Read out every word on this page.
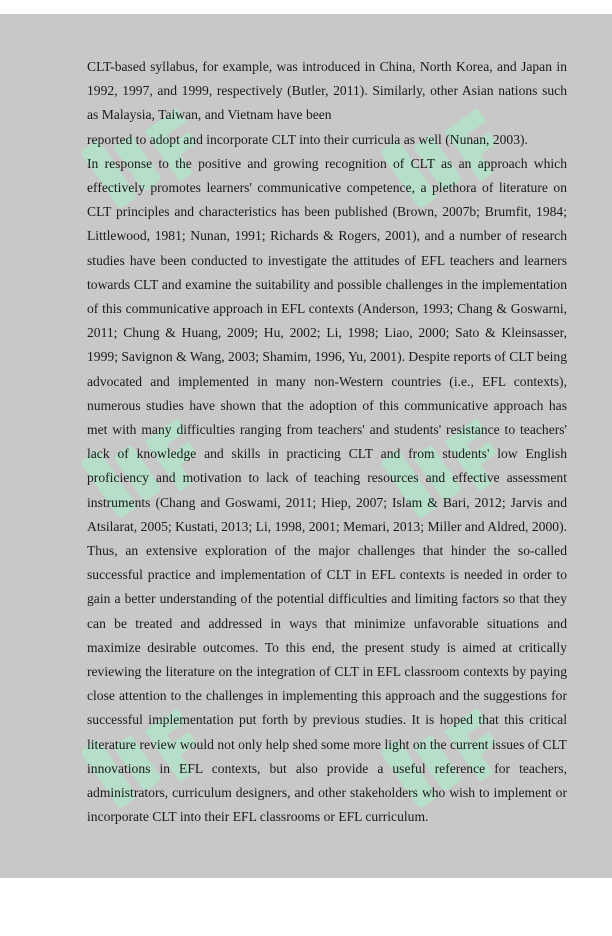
CLT-based syllabus, for example, was introduced in China, North Korea, and Japan in 1992, 1997, and 1999, respectively (Butler, 2011). Similarly, other Asian nations such as Malaysia, Taiwan, and Vietnam have been

reported to adopt and incorporate CLT into their curricula as well (Nunan, 2003).

In response to the positive and growing recognition of CLT as an approach which effectively promotes learners' communicative competence, a plethora of literature on CLT principles and characteristics has been published (Brown, 2007b; Brumfit, 1984; Littlewood, 1981; Nunan, 1991; Richards & Rogers, 2001), and a number of research studies have been conducted to investigate the attitudes of EFL teachers and learners towards CLT and examine the suitability and possible challenges in the implementation of this communicative approach in EFL contexts (Anderson, 1993; Chang & Goswarni, 2011; Chung & Huang, 2009; Hu, 2002; Li, 1998; Liao, 2000; Sato & Kleinsasser, 1999; Savignon & Wang, 2003; Shamim, 1996, Yu, 2001). Despite reports of CLT being advocated and implemented in many non-Western countries (i.e., EFL contexts), numerous studies have shown that the adoption of this communicative approach has met with many difficulties ranging from teachers' and students' resistance to teachers' lack of knowledge and skills in practicing CLT and from students' low English proficiency and motivation to lack of teaching resources and effective assessment instruments (Chang and Goswami, 2011; Hiep, 2007; Islam & Bari, 2012; Jarvis and Atsilarat, 2005; Kustati, 2013; Li, 1998, 2001; Memari, 2013; Miller and Aldred, 2000). Thus, an extensive exploration of the major challenges that hinder the so-called successful practice and implementation of CLT in EFL contexts is needed in order to gain a better understanding of the potential difficulties and limiting factors so that they can be treated and addressed in ways that minimize unfavorable situations and maximize desirable outcomes. To this end, the present study is aimed at critically reviewing the literature on the integration of CLT in EFL classroom contexts by paying close attention to the challenges in implementing this approach and the suggestions for successful implementation put forth by previous studies. It is hoped that this critical literature review would not only help shed some more light on the current issues of CLT innovations in EFL contexts, but also provide a useful reference for teachers, administrators, curriculum designers, and other stakeholders who wish to implement or incorporate CLT into their EFL classrooms or EFL curriculum.
